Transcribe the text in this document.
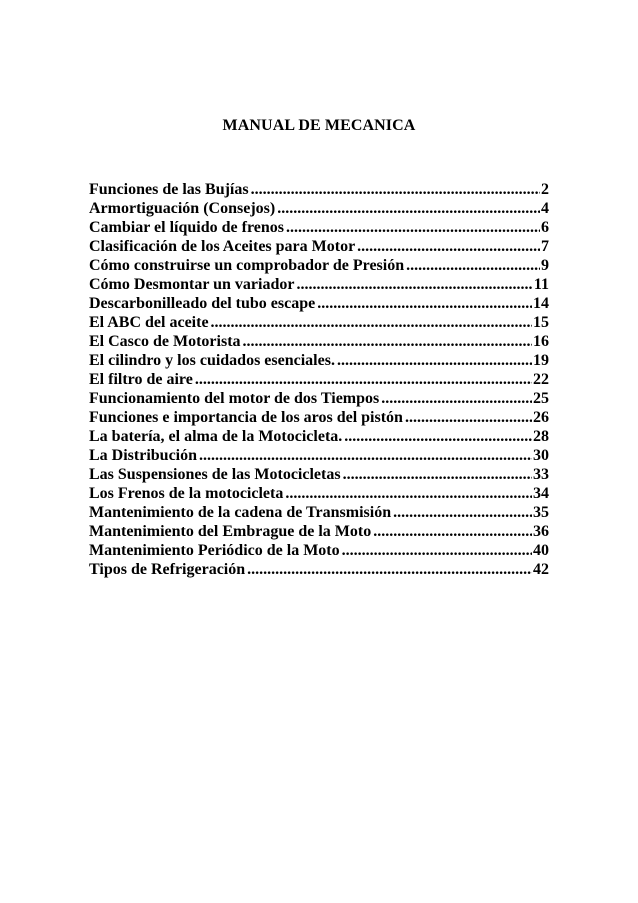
MANUAL DE MECANICA
Funciones de las Bujías .....	2
Armortiguación (Consejos) .....	4
Cambiar el líquido de frenos .....	6
Clasificación de los Aceites para Motor .....	7
Cómo construirse un comprobador de Presión .....	9
Cómo Desmontar un variador .....	11
Descarbonilleado del tubo escape .....	14
El ABC del aceite .....	15
El Casco de Motorista .....	16
El cilindro y los cuidados esenciales. .....	19
El filtro de aire .....	22
Funcionamiento del motor de dos Tiempos .....	25
Funciones e importancia de los aros del pistón .....	26
La batería, el alma de la Motocicleta. .....	28
La Distribución .....	30
Las Suspensiones de las Motocicletas .....	33
Los Frenos de la motocicleta .....	34
Mantenimiento de la cadena de Transmisión .....	35
Mantenimiento del Embrague de la Moto .....	36
Mantenimiento Periódico de la Moto .....	40
Tipos de Refrigeración .....	42
